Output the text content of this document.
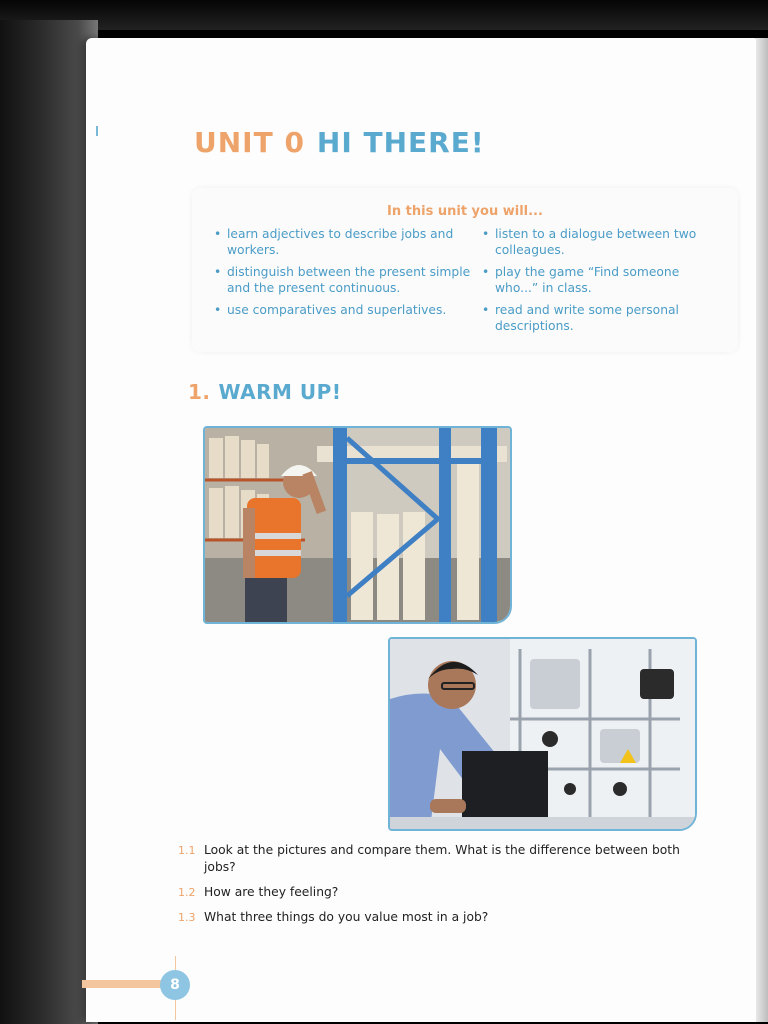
UNIT 0 HI THERE!

In this unit you will...

• learn adjectives to describe jobs and workers.
• distinguish between the present simple and the present continuous.
• use comparatives and superlatives.
• listen to a dialogue between two colleagues.
• play the game “Find someone who...” in class.
• read and write some personal descriptions.
1. WARM UP!
1.1 Look at the pictures and compare them. What is the difference between both jobs?
1.2 How are they feeling?
1.3 What three things do you value most in a job?
8
